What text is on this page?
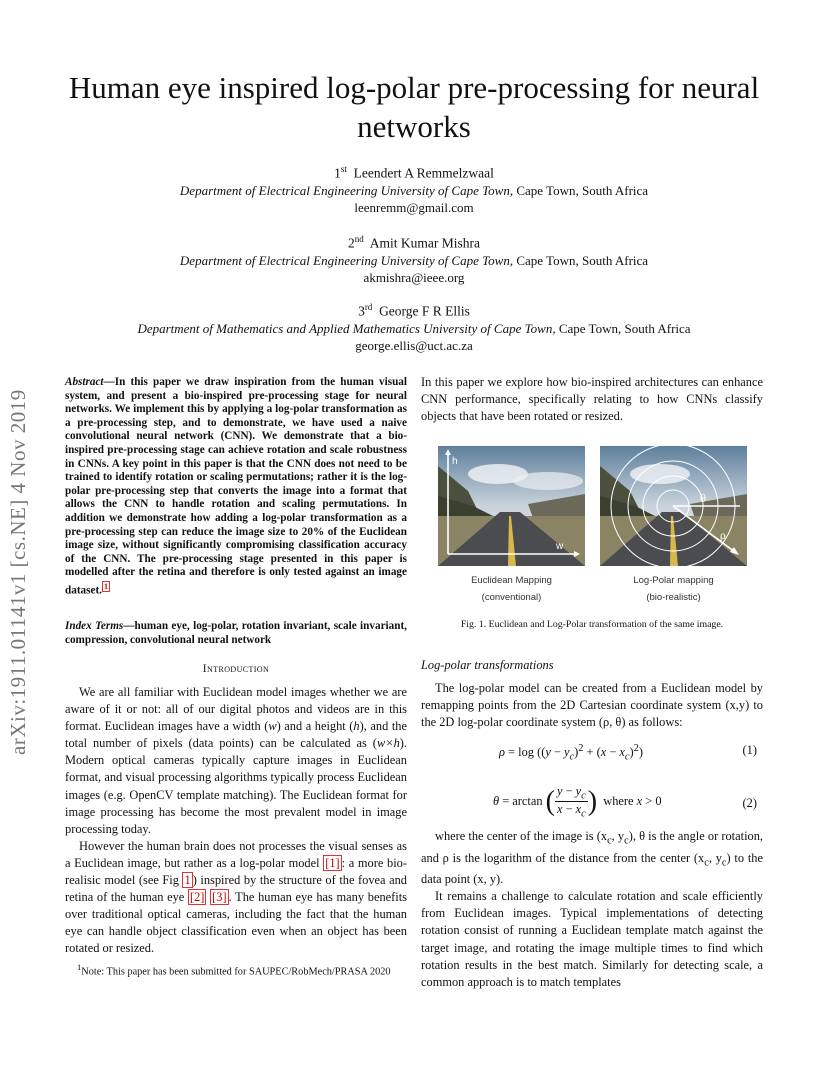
arXiv:1911.01141v1 [cs.NE] 4 Nov 2019
Human eye inspired log-polar pre-processing for neural networks
1st Leendert A Remmelzwaal
Department of Electrical Engineering University of Cape Town, Cape Town, South Africa
leenremm@gmail.com
2nd Amit Kumar Mishra
Department of Electrical Engineering University of Cape Town, Cape Town, South Africa
akmishra@ieee.org
3rd George F R Ellis
Department of Mathematics and Applied Mathematics University of Cape Town, Cape Town, South Africa
george.ellis@uct.ac.za
Abstract—In this paper we draw inspiration from the human visual system, and present a bio-inspired pre-processing stage for neural networks. We implement this by applying a log-polar transformation as a pre-processing step, and to demonstrate, we have used a naive convolutional neural network (CNN). We demonstrate that a bio-inspired pre-processing stage can achieve rotation and scale robustness in CNNs. A key point in this paper is that the CNN does not need to be trained to identify rotation or scaling permutations; rather it is the log-polar pre-processing step that converts the image into a format that allows the CNN to handle rotation and scaling permutations. In addition we demonstrate how adding a log-polar transformation as a pre-processing step can reduce the image size to 20% of the Euclidean image size, without significantly compromising classification accuracy of the CNN. The pre-processing stage presented in this paper is modelled after the retina and therefore is only tested against an image dataset. $^1$
Index Terms—human eye, log-polar, rotation invariant, scale invariant, compression, convolutional neural network
Introduction

We are all familiar with Euclidean model images whether we are aware of it or not: all of our digital photos and videos are in this format. Euclidean images have a width (w) and a height (h), and the total number of pixels (data points) can be calculated as (w×h). Modern optical cameras typically capture images in Euclidean format, and visual processing algorithms typically process Euclidean images (e.g. OpenCV template matching). The Euclidean format for image processing has become the most prevalent model in image processing today.

However the human brain does not processes the visual senses as a Euclidean image, but rather as a log-polar model [1] : a more bio-realisic model (see Fig 1 ) inspired by the structure of the fovea and retina of the human eye [2] [3] . The human eye has many benefits over traditional optical cameras, including the fact that the human eye can handle object classification even when an object has been rotated or resized.

$^1$Note: This paper has been submitted for SAUPEC/RobMech/PRASA 2020
In this paper we explore how bio-inspired architectures can enhance CNN performance, specifically relating to how CNNs classify objects that have been rotated or resized.
h
w
θ
ρ
Euclidean Mapping
(conventional)
Log-Polar mapping
(bio-realistic)
Fig. 1. Euclidean and Log-Polar transformation of the same image.
Log-polar transformations

The log-polar model can be created from a Euclidean model by remapping points from the 2D Cartesian coordinate system (x,y) to the 2D log-polar coordinate system (ρ, θ) as follows:

$\rho = \log ((y - y_c)^2 + (x - x_c)^2)$	(1)
θ = arctan ( $\frac{y - y_c}{x - x_c}$ )  where x > 0	(2)

where the center of the image is ($x_c$, $y_c$), θ is the angle or rotation, and ρ is the logarithm of the distance from the center ($x_c$, $y_c$) to the data point (x, y).

It remains a challenge to calculate rotation and scale efficiently from Euclidean images. Typical implementations of detecting rotation consist of running a Euclidean template match against the target image, and rotating the image multiple times to find which rotation results in the best match. Similarly for detecting scale, a common approach is to match templates
